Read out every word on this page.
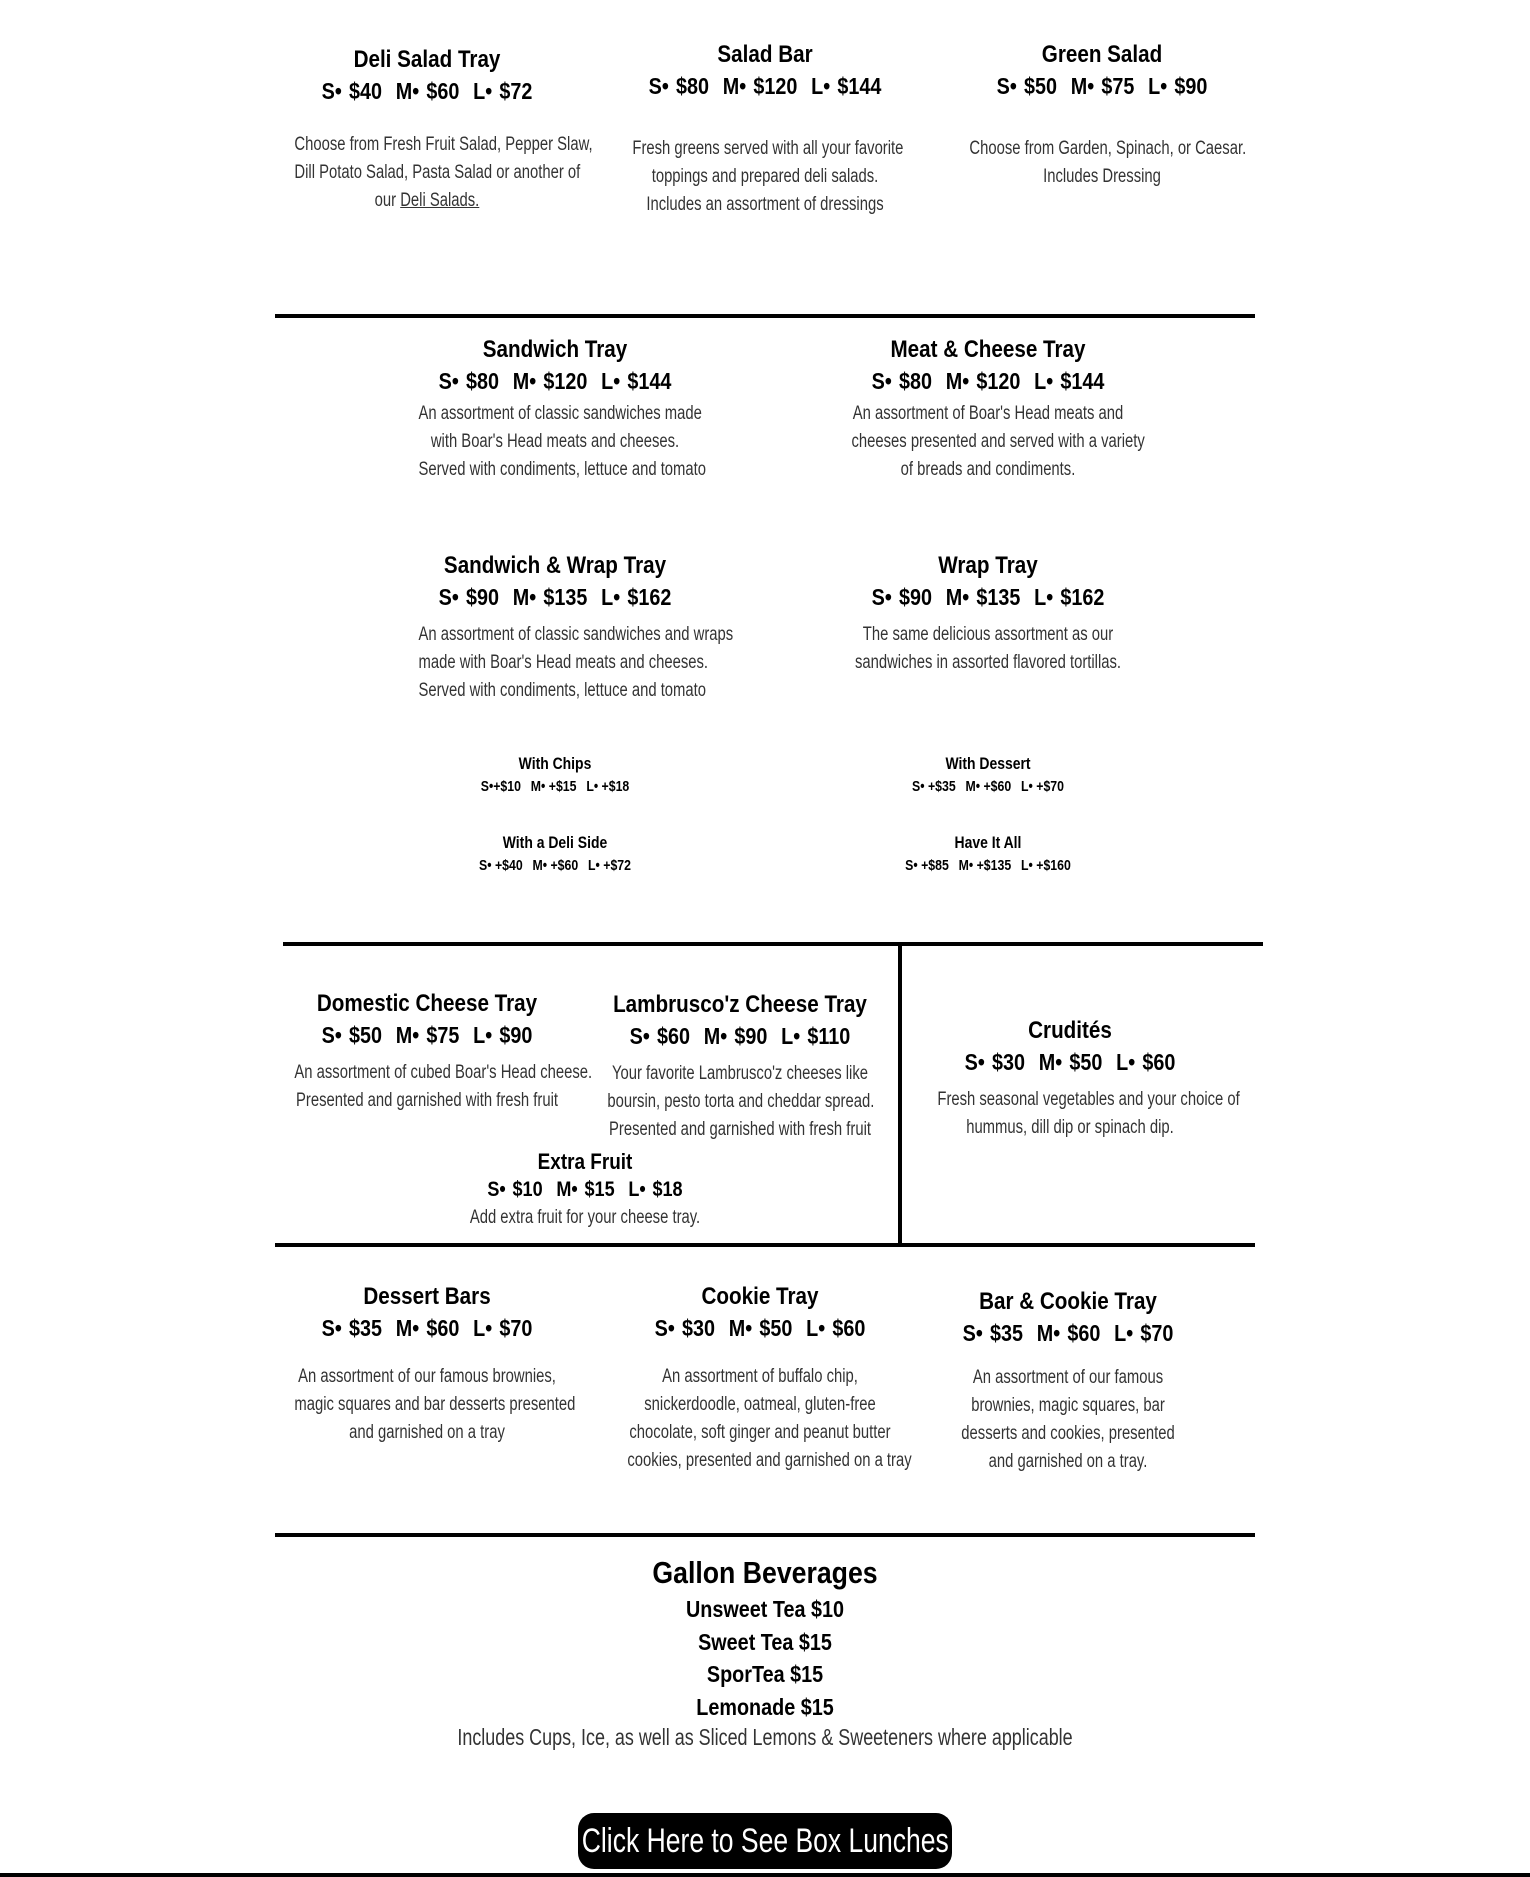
Deli Salad Tray
S• $40 M• $60 L• $72
Choose from Fresh Fruit Salad, Pepper Slaw,
Dill Potato Salad, Pasta Salad or another of
our Deli Salads.
Salad Bar
S• $80 M• $120 L• $144
Fresh greens served with all your favorite
toppings and prepared deli salads.
Includes an assortment of dressings
Green Salad
S• $50 M• $75 L• $90
Choose from Garden, Spinach, or Caesar.
Includes Dressing
Sandwich Tray
S• $80 M• $120 L• $144
An assortment of classic sandwiches made
with Boar's Head meats and cheeses.
Served with condiments, lettuce and tomato
Meat & Cheese Tray
S• $80 M• $120 L• $144
An assortment of Boar's Head meats and
cheeses presented and served with a variety
of breads and condiments.
Sandwich & Wrap Tray
S• $90 M• $135 L• $162
An assortment of classic sandwiches and wraps
made with Boar's Head meats and cheeses.
Served with condiments, lettuce and tomato
Wrap Tray
S• $90 M• $135 L• $162
The same delicious assortment as our
sandwiches in assorted flavored tortillas.
With Chips
S•+$10 M• +$15 L• +$18
With Dessert
S• +$35 M• +$60 L• +$70
With a Deli Side
S• +$40 M• +$60 L• +$72
Have It All
S• +$85 M• +$135 L• +$160
Domestic Cheese Tray
S• $50 M• $75 L• $90
An assortment of cubed Boar's Head cheese.
Presented and garnished with fresh fruit
Lambrusco'z Cheese Tray
S• $60 M• $90 L• $110
Your favorite Lambrusco'z cheeses like
boursin, pesto torta and cheddar spread.
Presented and garnished with fresh fruit
Crudités
S• $30 M• $50 L• $60
Fresh seasonal vegetables and your choice of
hummus, dill dip or spinach dip.
Extra Fruit
S• $10 M• $15 L• $18
Add extra fruit for your cheese tray.
Dessert Bars
S• $35 M• $60 L• $70
An assortment of our famous brownies,
magic squares and bar desserts presented
and garnished on a tray
Cookie Tray
S• $30 M• $50 L• $60
An assortment of buffalo chip,
snickerdoodle, oatmeal, gluten-free
chocolate, soft ginger and peanut butter
cookies, presented and garnished on a tray
Bar & Cookie Tray
S• $35 M• $60 L• $70
An assortment of our famous
brownies, magic squares, bar
desserts and cookies, presented
and garnished on a tray.
Gallon Beverages
Unsweet Tea $10
Sweet Tea $15
SporTea $15
Lemonade $15
Includes Cups, Ice, as well as Sliced Lemons & Sweeteners where applicable
Click Here to See Box Lunches
